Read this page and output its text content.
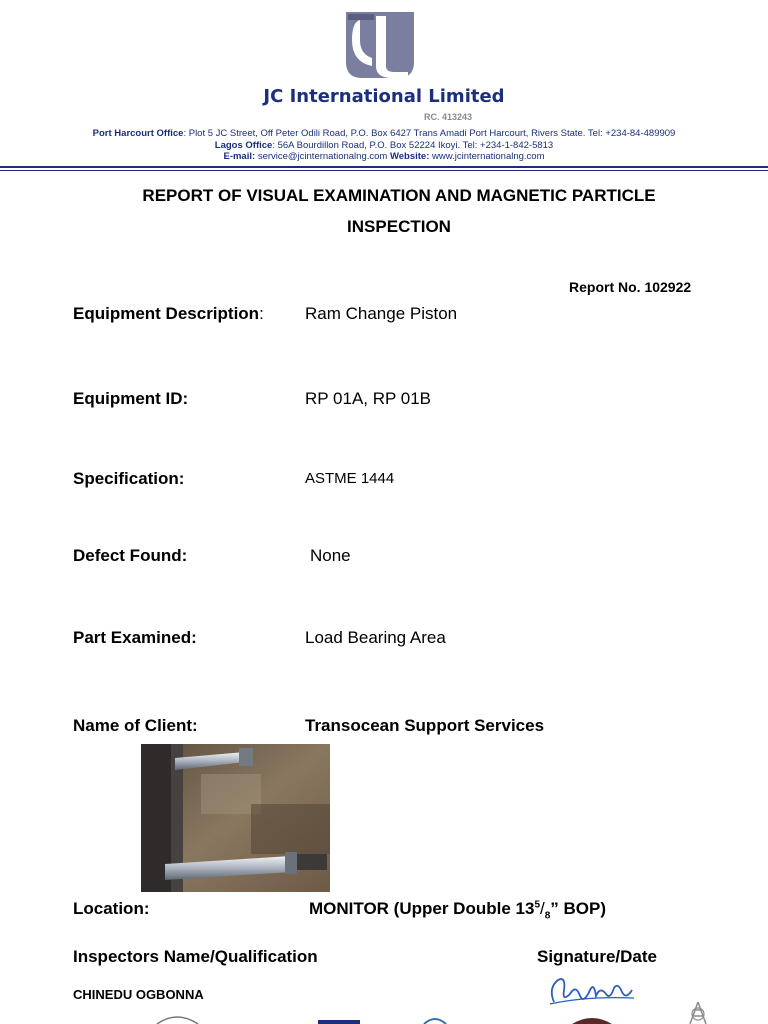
JC International Limited
RC. 413243
Port Harcourt Office: Plot 5 JC Street, Off Peter Odili Road, P.O. Box 6427 Trans Amadi Port Harcourt, Rivers State. Tel: +234-84-489909
Lagos Office: 56A Bourdillon Road, P.O. Box 52224 Ikoyi. Tel: +234-1-842-5813
E-mail: service@jcinternationalng.com Website: www.jcinternationalng.com
REPORT OF VISUAL EXAMINATION AND MAGNETIC PARTICLE
INSPECTION
Report No. 102922
Equipment Description: Ram Change Piston
Equipment ID:	RP 01A, RP 01B
Specification:	ASTME 1444
Defect Found:	None
Part Examined:	Load Bearing Area
Name of Client:	Transocean Support Services
Location:	MONITOR (Upper Double $13^5/_8$” BOP)
Inspectors Name/Qualification	Signature/Date
CHINEDU OGBONNA
